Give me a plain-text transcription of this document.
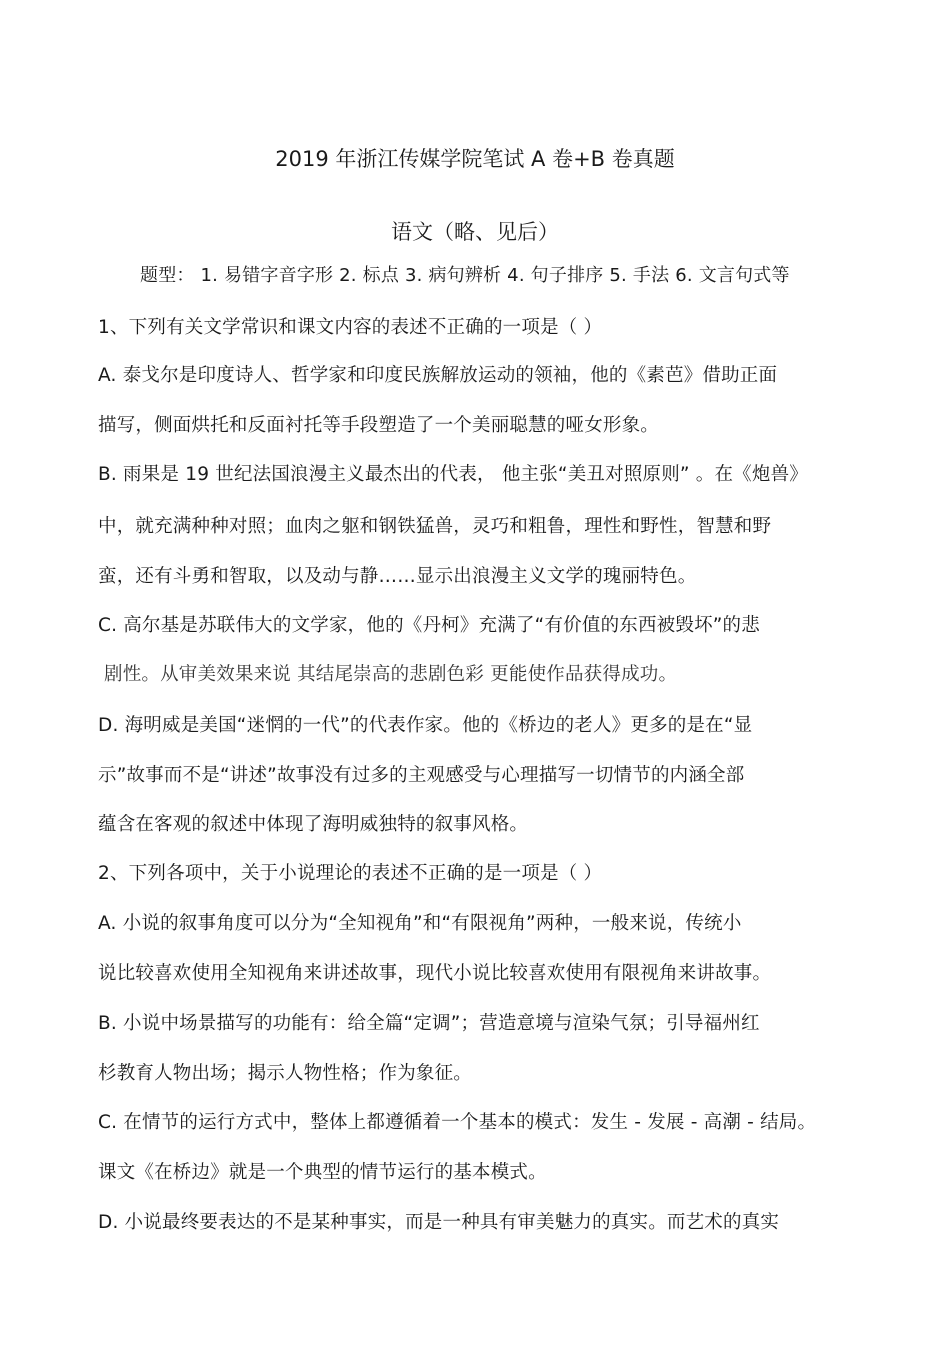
2019 年浙江传媒学院笔试 A 卷+B 卷真题
语文（略、见后）
题型： 1. 易错字音字形 2. 标点 3. 病句辨析 4. 句子排序 5. 手法 6. 文言句式等
1、下列有关文学常识和课文内容的表述不正确的一项是（ ）
A. 泰戈尔是印度诗人、哲学家和印度民族解放运动的领袖，他的《素芭》借助正面
描写，侧面烘托和反面衬托等手段塑造了一个美丽聪慧的哑女形象。
B. 雨果是 19 世纪法国浪漫主义最杰出的代表， 他主张“美丑对照原则” 。在《炮兽》
中，就充满种种对照；血肉之躯和钢铁猛兽，灵巧和粗鲁，理性和野性，智慧和野
蛮，还有斗勇和智取，以及动与静……显示出浪漫主义文学的瑰丽特色。
C. 高尔基是苏联伟大的文学家，他的《丹柯》充满了“有价值的东西被毁坏”的悲
剧性。从审美效果来说 其结尾崇高的悲剧色彩 更能使作品获得成功。
D. 海明威是美国“迷惘的一代”的代表作家。他的《桥边的老人》更多的是在“显
示”故事而不是“讲述”故事没有过多的主观感受与心理描写一切情节的内涵全部
蕴含在客观的叙述中体现了海明威独特的叙事风格。
2、下列各项中，关于小说理论的表述不正确的是一项是（ ）
A. 小说的叙事角度可以分为“全知视角”和“有限视角”两种，一般来说，传统小
说比较喜欢使用全知视角来讲述故事，现代小说比较喜欢使用有限视角来讲故事。
B. 小说中场景描写的功能有：给全篇“定调”；营造意境与渲染气氛；引导福州红
杉教育人物出场；揭示人物性格；作为象征。
C. 在情节的运行方式中，整体上都遵循着一个基本的模式：发生 - 发展 - 高潮 - 结局。
课文《在桥边》就是一个典型的情节运行的基本模式。
D. 小说最终要表达的不是某种事实，而是一种具有审美魅力的真实。而艺术的真实
